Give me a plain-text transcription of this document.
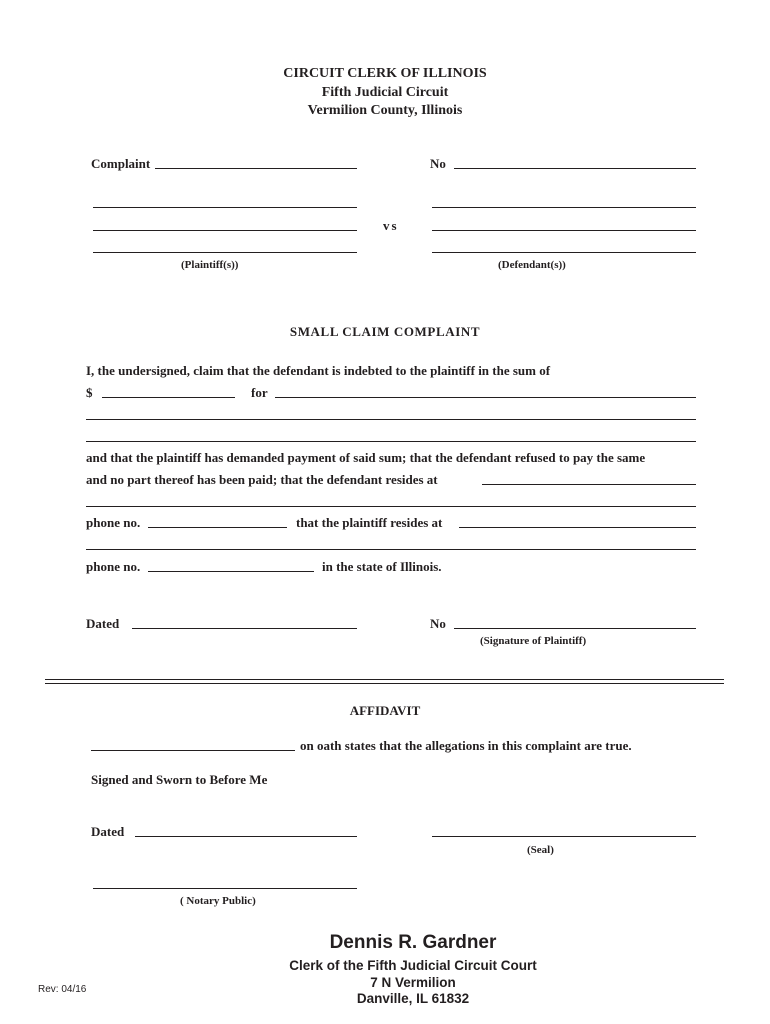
CIRCUIT CLERK OF ILLINOIS
Fifth Judicial Circuit
Vermilion County, Illinois
Complaint	No
vs
(Plaintiff(s))	(Defendant(s))
SMALL CLAIM COMPLAINT
I, the undersigned, claim that the defendant is indebted to the plaintiff in the sum of
$	for
and that the plaintiff has demanded payment of said sum; that the defendant refused to pay the same
and no part thereof has been paid; that the defendant resides at
phone no.	that the plaintiff resides at
phone no.	in the state of Illinois.
Dated	No
(Signature of Plaintiff)
AFFIDAVIT
on oath states that the allegations in this complaint are true.
Signed and Sworn to Before Me
Dated
(Seal)
( Notary Public)
Dennis R. Gardner
Clerk of the Fifth Judicial Circuit Court
7 N Vermilion
Danville, IL 61832
Rev: 04/16
